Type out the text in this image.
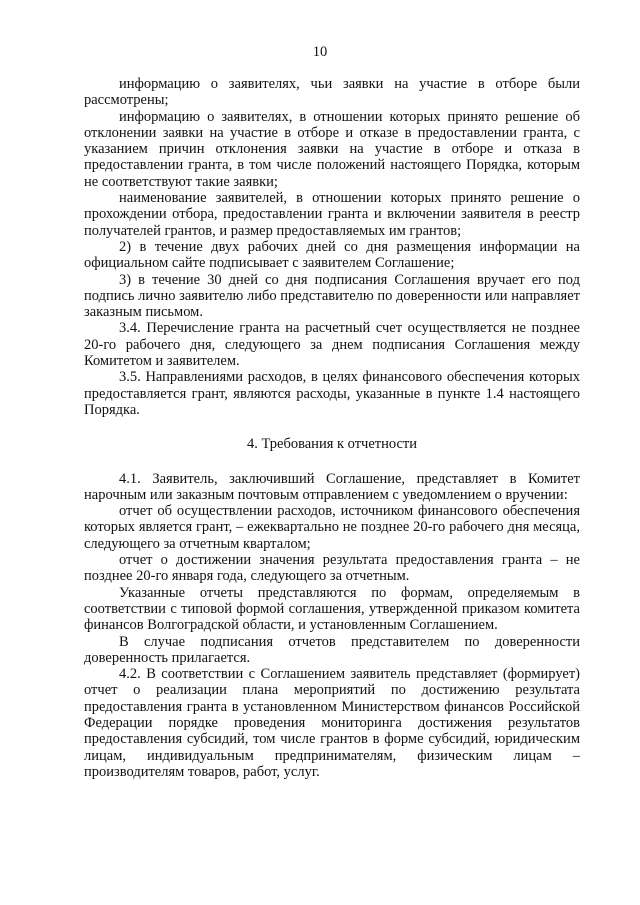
10

информацию о заявителях, чьи заявки на участие в отборе были рассмотрены;

информацию о заявителях, в отношении которых принято решение об отклонении заявки на участие в отборе и отказе в предоставлении гранта, с указанием причин отклонения заявки на участие в отборе и отказа в предоставлении гранта, в том числе положений настоящего Порядка, которым не соответствуют такие заявки;

наименование заявителей, в отношении которых принято решение о прохождении отбора, предоставлении гранта и включении заявителя в реестр получателей грантов, и размер предоставляемых им грантов;

2) в течение двух рабочих дней со дня размещения информации на официальном сайте подписывает с заявителем Соглашение;

3) в течение 30 дней со дня подписания Соглашения вручает его под подпись лично заявителю либо представителю по доверенности или направляет заказным письмом.

3.4. Перечисление гранта на расчетный счет осуществляется не позднее 20-го рабочего дня, следующего за днем подписания Соглашения между Комитетом и заявителем.

3.5. Направлениями расходов, в целях финансового обеспечения которых предоставляется грант, являются расходы, указанные в пункте 1.4 настоящего Порядка.

4. Требования к отчетности

4.1. Заявитель, заключивший Соглашение, представляет в Комитет нарочным или заказным почтовым отправлением с уведомлением о вручении:

отчет об осуществлении расходов, источником финансового обеспечения которых является грант, – ежеквартально не позднее 20-го рабочего дня месяца, следующего за отчетным кварталом;

отчет о достижении значения результата предоставления гранта – не позднее 20-го января года, следующего за отчетным.

Указанные отчеты представляются по формам, определяемым в соответствии с типовой формой соглашения, утвержденной приказом комитета финансов Волгоградской области, и установленным Соглашением.

В случае подписания отчетов представителем по доверенности доверенность прилагается.

4.2. В соответствии с Соглашением заявитель представляет (формирует) отчет о реализации плана мероприятий по достижению результата предоставления гранта в установленном Министерством финансов Российской Федерации порядке проведения мониторинга достижения результатов предоставления субсидий, том числе грантов в форме субсидий, юридическим лицам, индивидуальным предпринимателям, физическим лицам – производителям товаров, работ, услуг.
